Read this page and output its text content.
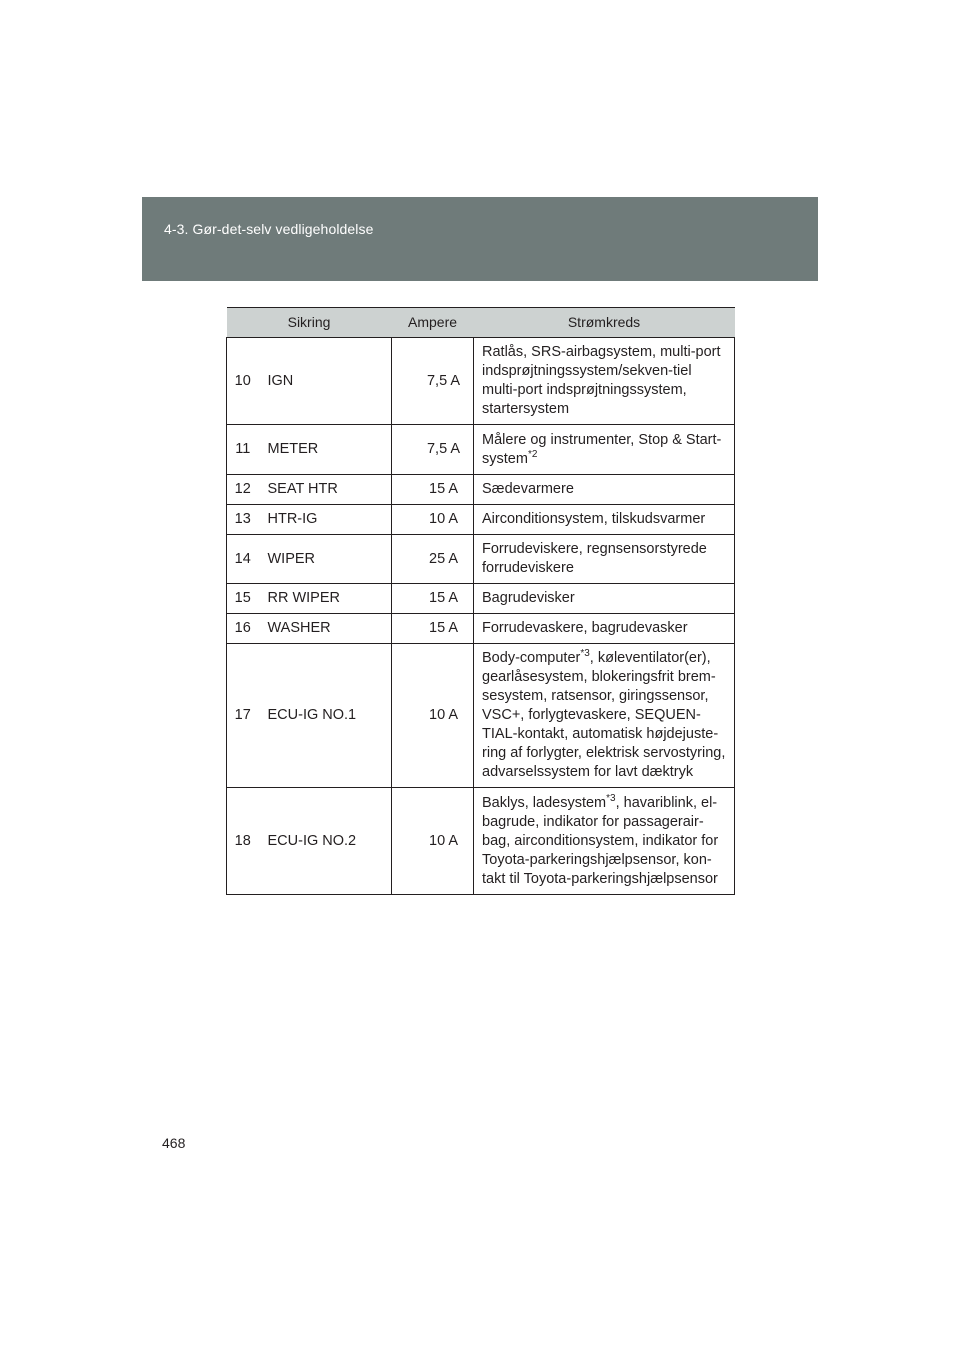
4-3. Gør-det-selv vedligeholdelse
Sikring		Ampere	Strømkreds
10	IGN	7,5 A	Ratlås, SRS-airbagsystem, multi-port indsprøjtningssystem/sekven-tiel multi-port indsprøjtningssystem, startersystem
11	METER	7,5 A	Målere og instrumenter, Stop & Start-system$^{*2}$
12	SEAT HTR	15 A	Sædevarmere
13	HTR-IG	10 A	Airconditionsystem, tilskudsvarmer
14	WIPER	25 A	Forrudeviskere, regnsensorstyrede forrudeviskere
15	RR WIPER	15 A	Bagrudevisker
16	WASHER	15 A	Forrudevaskere, bagrudevasker
17	ECU-IG NO.1	10 A	Body-computer$^{*3}$, køleventilator(er), gearlåsesystem, blokeringsfrit brem-sesystem, ratsensor, giringssensor, VSC+, forlygtevaskere, SEQUEN-TIAL-kontakt, automatisk højdejuste-ring af forlygter, elektrisk servostyring, advarselssystem for lavt dæktryk
18	ECU-IG NO.2	10 A	Baklys, ladesystem$^{*3}$, havariblink, el-bagrude, indikator for passagerair-bag, airconditionsystem, indikator for Toyota-parkeringshjælpsensor, kon-takt til Toyota-parkeringshjælpsensor
468
